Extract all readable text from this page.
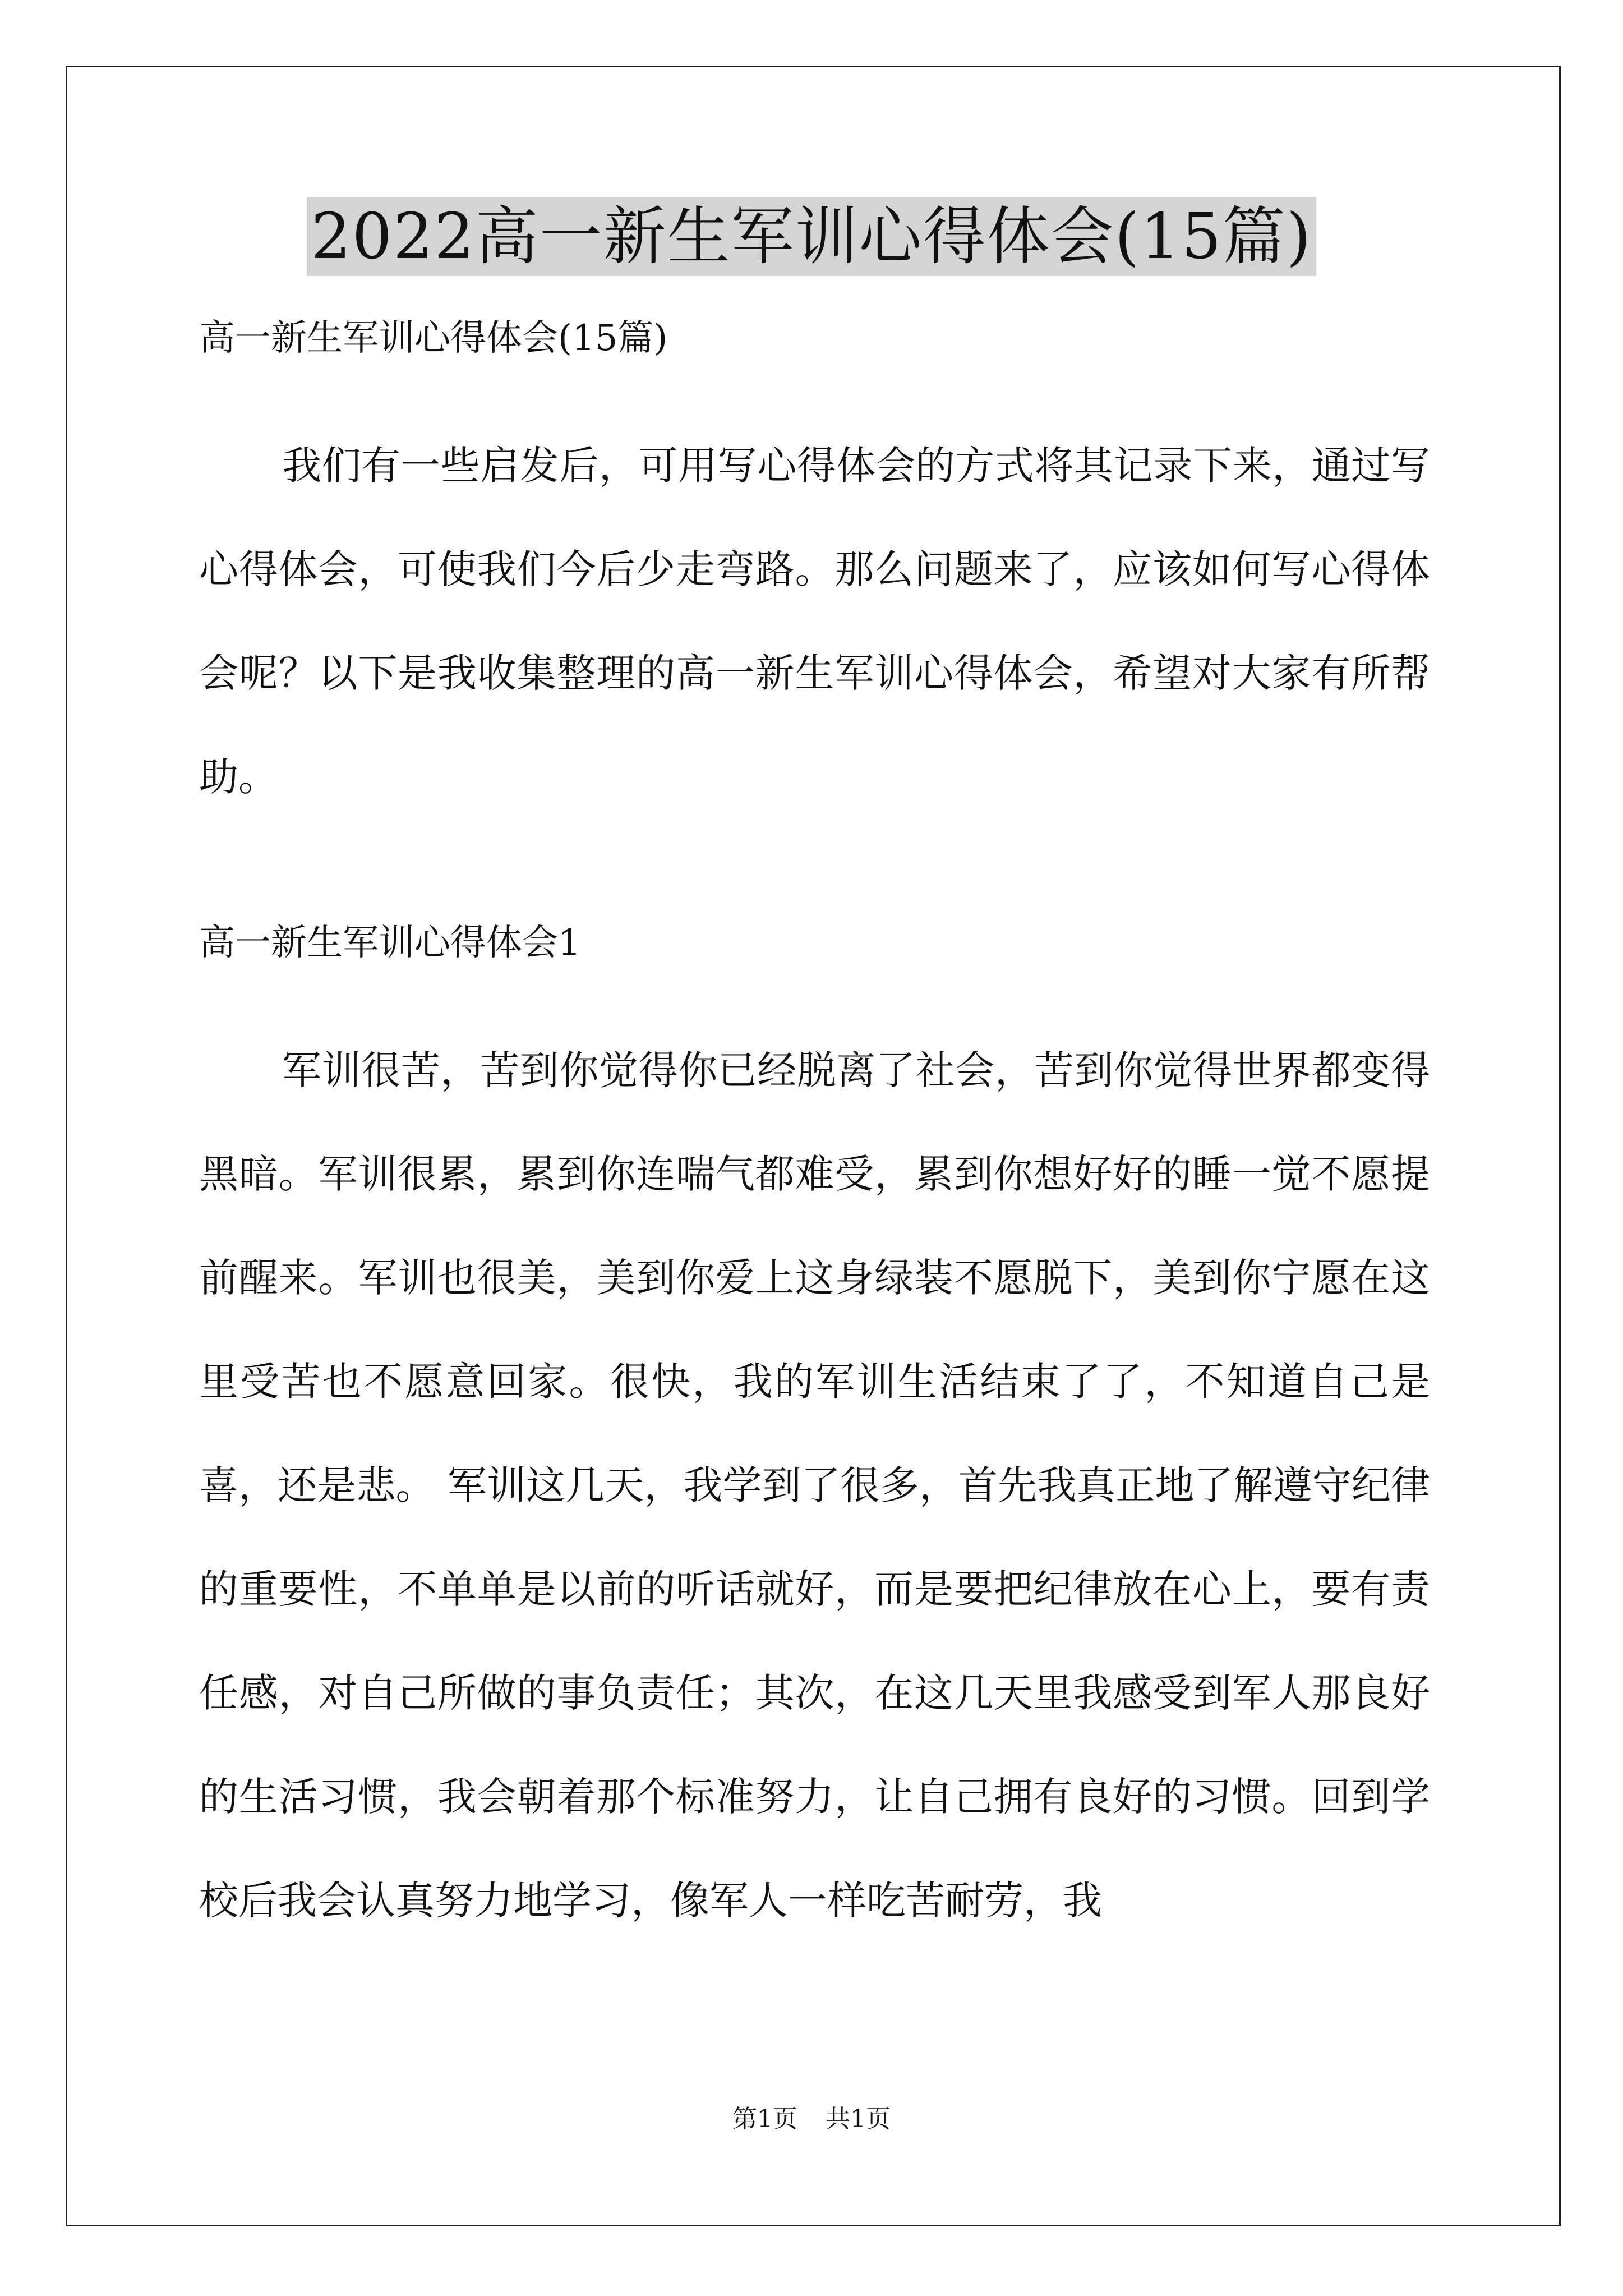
2022高一新生军训心得体会(15篇)
高一新生军训心得体会(15篇)

我们有一些启发后，可用写心得体会的方式将其记录下来，通过写心得体会，可使我们今后少走弯路。那么问题来了，应该如何写心得体会呢？以下是我收集整理的高一新生军训心得体会，希望对大家有所帮助。

高一新生军训心得体会1

军训很苦，苦到你觉得你已经脱离了社会，苦到你觉得世界都变得黑暗。军训很累，累到你连喘气都难受，累到你想好好的睡一觉不愿提前醒来。军训也很美，美到你爱上这身绿装不愿脱下，美到你宁愿在这里受苦也不愿意回家。很快，我的军训生活结束了了，不知道自己是喜，还是悲。 军训这几天，我学到了很多，首先我真正地了解遵守纪律的重要性，不单单是以前的听话就好，而是要把纪律放在心上，要有责任感，对自己所做的事负责任；其次，在这几天里我感受到军人那良好的生活习惯，我会朝着那个标准努力，让自己拥有良好的习惯。回到学校后我会认真努力地学习，像军人一样吃苦耐劳，我

第1页 共1页
